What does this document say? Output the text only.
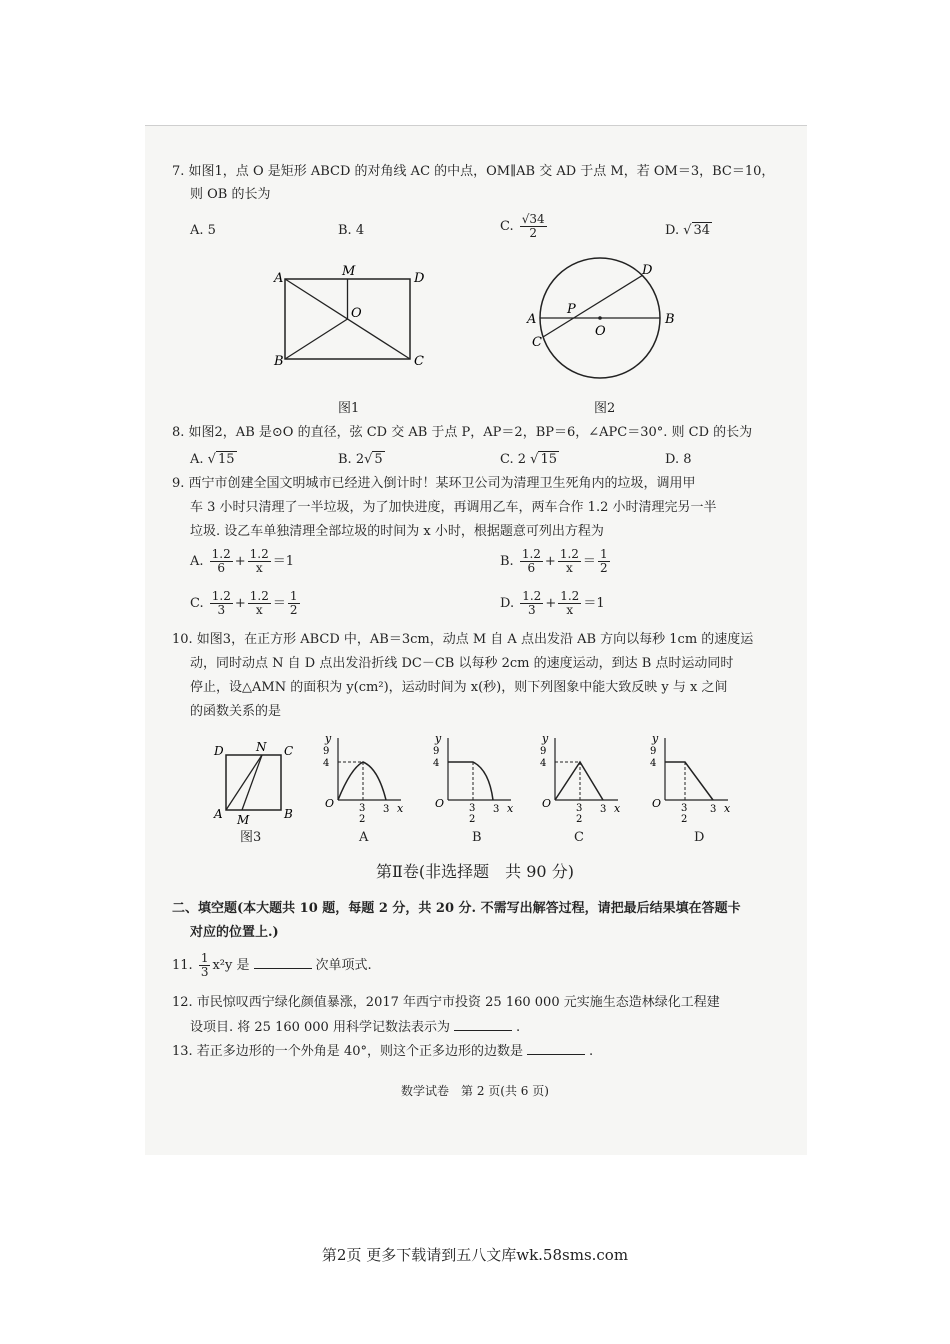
7. 如图1，点 O 是矩形 ABCD 的对角线 AC 的中点，OM∥AB 交 AD 于点 M，若 OM＝3，BC＝10，
则 OB 的长为
A. 5	B. 4	C. $\frac{√34}{2}$	D. √ 34
A	M	D
O
B	C
图1
D
P
A
O
B
C
图2
8. 如图2，AB 是⊙O 的直径，弦 CD 交 AB 于点 P，AP＝2，BP＝6，∠APC＝30°. 则 CD 的长为
A. √ 15	B. 2√ 5	C. 2 √ 15	D. 8
9. 西宁市创建全国文明城市已经进入倒计时！某环卫公司为清理卫生死角内的垃圾，调用甲
车 3 小时只清理了一半垃圾，为了加快进度，再调用乙车，两车合作 1.2 小时清理完另一半
垃圾. 设乙车单独清理全部垃圾的时间为 x 小时，根据题意可列出方程为
A. $\frac{1.2}{6} + \frac{1.2}{x} =1$	B. $\frac{1.2}{6} + \frac{1.2}{x} = \frac{1}{2}$
C. $\frac{1.2}{3} + \frac{1.2}{x} = \frac{1}{2}$	D. $\frac{1.2}{3} + \frac{1.2}{x} =1$
10. 如图3，在正方形 ABCD 中，AB＝3cm，动点 M 自 A 点出发沿 AB 方向以每秒 1cm 的速度运
动，同时动点 N 自 D 点出发沿折线 DC－CB 以每秒 2cm 的速度运动，到达 B 点时运动同时
停止，设△AMN 的面积为 y(cm²)，运动时间为 x(秒)，则下列图象中能大致反映 y 与 x 之间
的函数关系的是
D	N C
A M	B
图3
y
9
4
O 3
2
3 x
A
y
9
4
O 3
2
3 x
B
y
9
4
O 3
2
3 x
C
y
9
4
O 3
2
3 x
D
第Ⅱ卷(非选择题　共 90 分)
二、填空题(本大题共 10 题，每题 2 分，共 20 分. 不需写出解答过程，请把最后结果填在答题卡
对应的位置上.)
11. $\frac{1}{3} x^2y$ 是	次单项式.
12. 市民惊叹西宁绿化颜值暴涨，2017 年西宁市投资 25 160 000 元实施生态造林绿化工程建
设项目. 将 25 160 000 用科学记数法表示为	.
13. 若正多边形的一个外角是 40°，则这个正多边形的边数是	.
数学试卷　第 2 页(共 6 页)
第2页 更多下载请到五八文库wk.58sms.com
